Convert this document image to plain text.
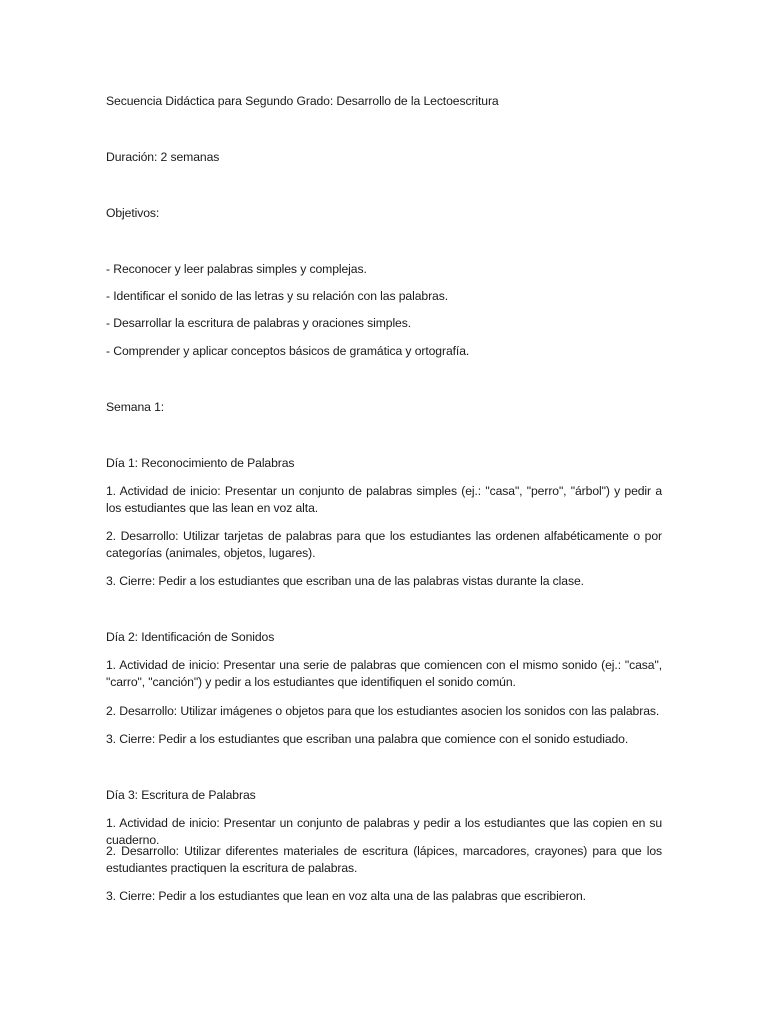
Secuencia Didáctica para Segundo Grado: Desarrollo de la Lectoescritura
Duración: 2 semanas
Objetivos:
- Reconocer y leer palabras simples y complejas.
- Identificar el sonido de las letras y su relación con las palabras.
- Desarrollar la escritura de palabras y oraciones simples.
- Comprender y aplicar conceptos básicos de gramática y ortografía.
Semana 1:
Día 1: Reconocimiento de Palabras
1. Actividad de inicio: Presentar un conjunto de palabras simples (ej.: "casa", "perro", "árbol") y pedir a los estudiantes que las lean en voz alta.
2. Desarrollo: Utilizar tarjetas de palabras para que los estudiantes las ordenen alfabéticamente o por categorías (animales, objetos, lugares).
3. Cierre: Pedir a los estudiantes que escriban una de las palabras vistas durante la clase.
Día 2: Identificación de Sonidos
1. Actividad de inicio: Presentar una serie de palabras que comiencen con el mismo sonido (ej.: "casa", "carro", "canción") y pedir a los estudiantes que identifiquen el sonido común.
2. Desarrollo: Utilizar imágenes o objetos para que los estudiantes asocien los sonidos con las palabras.
3. Cierre: Pedir a los estudiantes que escriban una palabra que comience con el sonido estudiado.
Día 3: Escritura de Palabras
1. Actividad de inicio: Presentar un conjunto de palabras y pedir a los estudiantes que las copien en su cuaderno.
2. Desarrollo: Utilizar diferentes materiales de escritura (lápices, marcadores, crayones) para que los estudiantes practiquen la escritura de palabras.
3. Cierre: Pedir a los estudiantes que lean en voz alta una de las palabras que escribieron.
